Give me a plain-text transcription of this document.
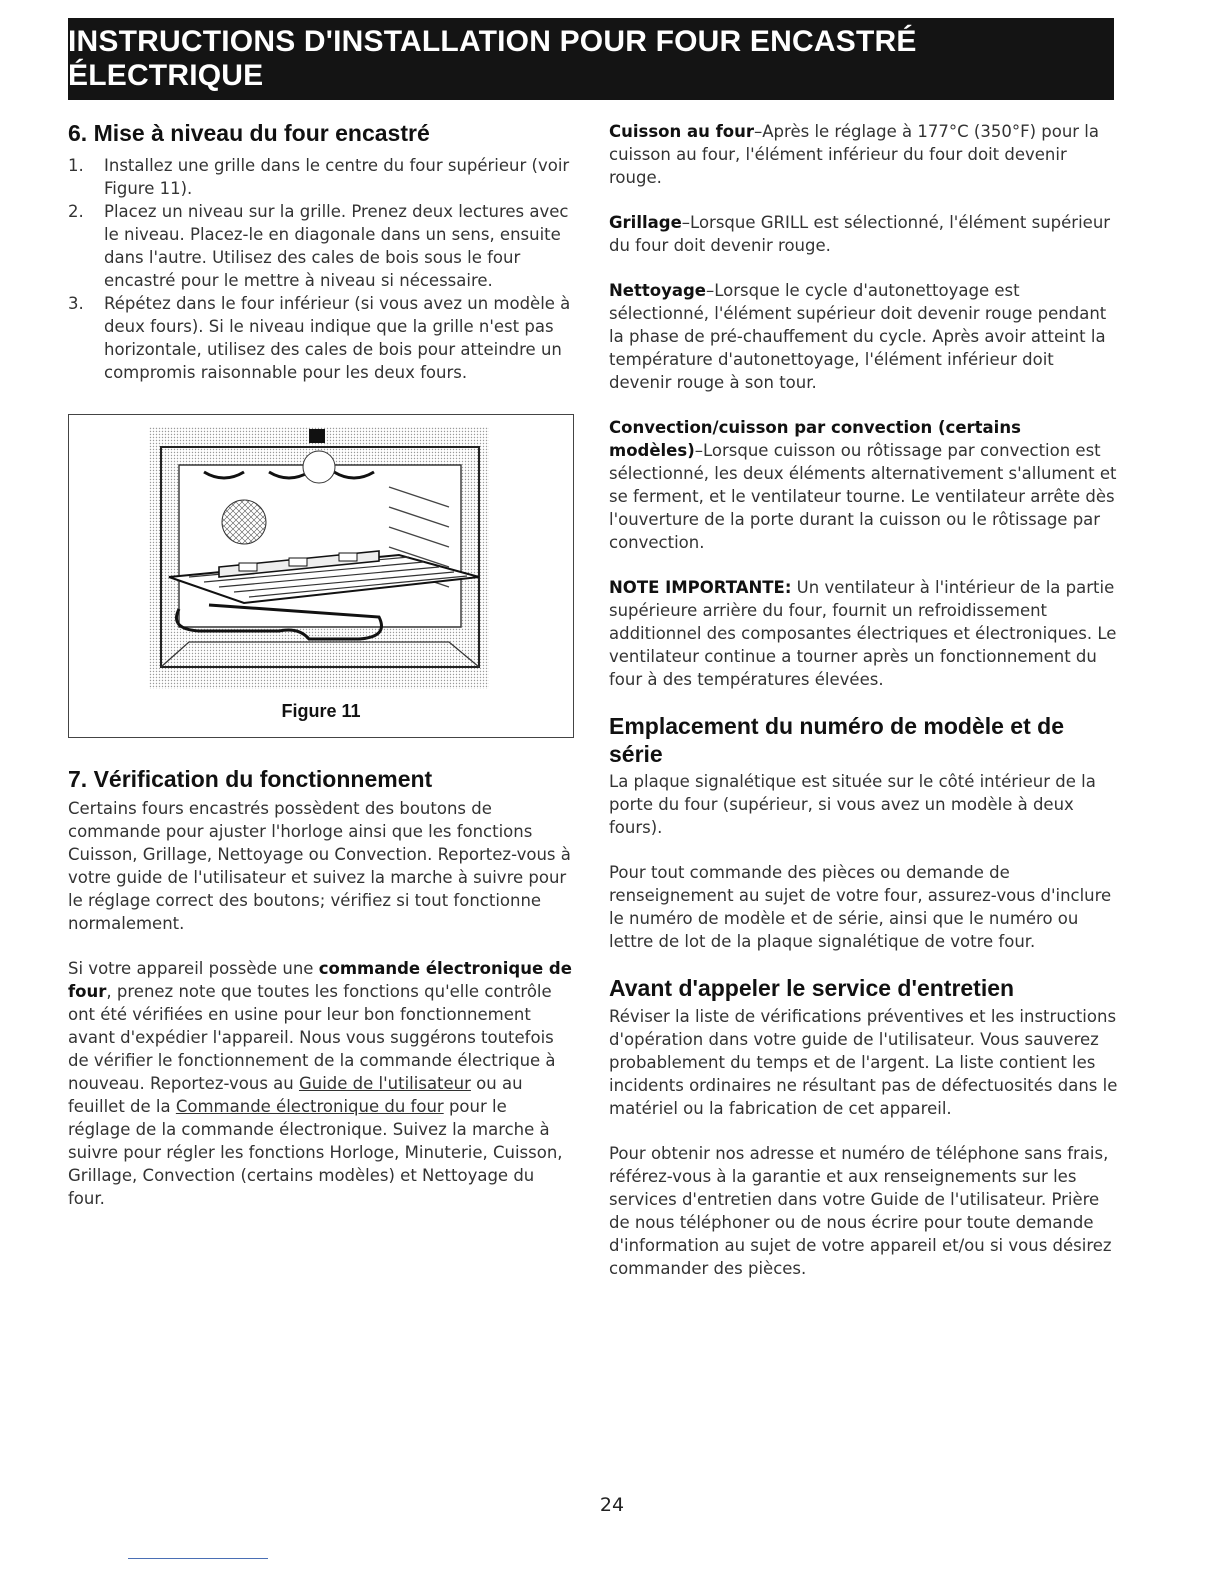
INSTRUCTIONS D'INSTALLATION POUR FOUR ENCASTRÉ ÉLECTRIQUE
6. Mise à niveau du four encastré
1.	Installez une grille dans le centre du four supérieur (voir Figure 11).
2.	Placez un niveau sur la grille. Prenez deux lectures avec le niveau. Placez-le en diagonale dans un sens, ensuite dans l'autre. Utilisez des cales de bois sous le four encastré pour le mettre à niveau si nécessaire.
3.	Répétez dans le four inférieur (si vous avez un modèle à deux fours). Si le niveau indique que la grille n'est pas horizontale, utilisez des cales de bois pour atteindre un compromis raisonnable pour les deux fours.
Figure 11
7. Vérification du fonctionnement

Certains fours encastrés possèdent des boutons de commande pour ajuster l'horloge ainsi que les fonctions Cuisson, Grillage, Nettoyage ou Convection. Reportez-vous à votre guide de l'utilisateur et suivez la marche à suivre pour le réglage correct des boutons; vérifiez si tout fonctionne normalement.

Si votre appareil possède une commande électronique de four, prenez note que toutes les fonctions qu'elle contrôle ont été vérifiées en usine pour leur bon fonctionnement avant d'expédier l'appareil. Nous vous suggérons toutefois de vérifier le fonctionnement de la commande électrique à nouveau. Reportez-vous au Guide de l'utilisateur ou au feuillet de la Commande électronique du four pour le réglage de la commande électronique. Suivez la marche à suivre pour régler les fonctions Horloge, Minuterie, Cuisson, Grillage, Convection (certains modèles) et Nettoyage du four.

Cuisson au four–Après le réglage à 177°C (350°F) pour la cuisson au four, l'élément inférieur du four doit devenir rouge.

Grillage–Lorsque GRILL est sélectionné, l'élément supérieur du four doit devenir rouge.

Nettoyage–Lorsque le cycle d'autonettoyage est sélectionné, l'élément supérieur doit devenir rouge pendant la phase de pré-chauffement du cycle. Après avoir atteint la température d'autonettoyage, l'élément inférieur doit devenir rouge à son tour.

Convection/cuisson par convection (certains modèles)–Lorsque cuisson ou rôtissage par convection est sélectionné, les deux éléments alternativement s'allument et se ferment, et le ventilateur tourne. Le ventilateur arrête dès l'ouverture de la porte durant la cuisson ou le rôtissage par convection.

NOTE IMPORTANTE: Un ventilateur à l'intérieur de la partie supérieure arrière du four, fournit un refroidissement additionnel des composantes électriques et électroniques. Le ventilateur continue a tourner après un fonctionnement du four à des températures élevées.

Emplacement du numéro de modèle et de série

La plaque signalétique est située sur le côté intérieur de la porte du four (supérieur, si vous avez un modèle à deux fours).

Pour tout commande des pièces ou demande de renseignement au sujet de votre four, assurez-vous d'inclure le numéro de modèle et de série, ainsi que le numéro ou lettre de lot de la plaque signalétique de votre four.

Avant d'appeler le service d'entretien

Réviser la liste de vérifications préventives et les instructions d'opération dans votre guide de l'utilisateur. Vous sauverez probablement du temps et de l'argent. La liste contient les incidents ordinaires ne résultant pas de défectuosités dans le matériel ou la fabrication de cet appareil.

Pour obtenir nos adresse et numéro de téléphone sans frais, référez-vous à la garantie et aux renseignements sur les services d'entretien dans votre Guide de l'utilisateur. Prière de nous téléphoner ou de nous écrire pour toute demande d'information au sujet de votre appareil et/ou si vous désirez commander des pièces.

24
